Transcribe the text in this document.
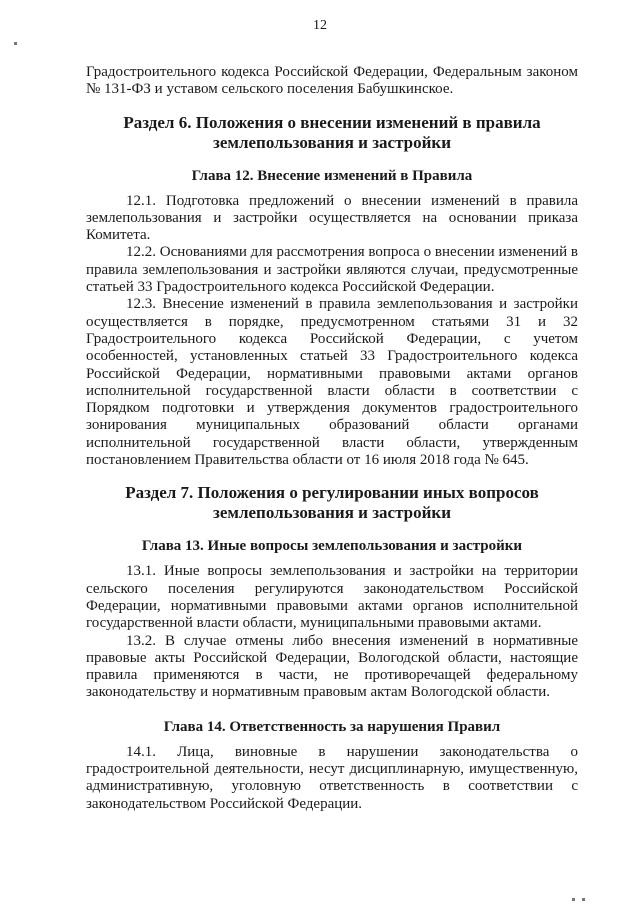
12

Градостроительного кодекса Российской Федерации, Федеральным законом № 131-ФЗ и уставом сельского поселения Бабушкинское.

Раздел 6. Положения о внесении изменений в правила
землепользования и застройки
Глава 12. Внесение изменений в Правила

12.1. Подготовка предложений о внесении изменений в правила землепользования и застройки осуществляется на основании приказа Комитета.

12.2. Основаниями для рассмотрения вопроса о внесении изменений в правила землепользования и застройки являются случаи, предусмотренные статьей 33 Градостроительного кодекса Российской Федерации.

12.3. Внесение изменений в правила землепользования и застройки осуществляется в порядке, предусмотренном статьями 31 и 32 Градостроительного кодекса Российской Федерации, с учетом особенностей, установленных статьей 33 Градостроительного кодекса Российской Федерации, нормативными правовыми актами органов исполнительной государственной власти области в соответствии с Порядком подготовки и утверждения документов градостроительного зонирования муниципальных образований области органами исполнительной государственной власти области, утвержденным постановлением Правительства области от 16 июля 2018 года № 645.

Раздел 7. Положения о регулировании иных вопросов
землепользования и застройки
Глава 13. Иные вопросы землепользования и застройки

13.1. Иные вопросы землепользования и застройки на территории сельского поселения регулируются законодательством Российской Федерации, нормативными правовыми актами органов исполнительной государственной власти области, муниципальными правовыми актами.

13.2. В случае отмены либо внесения изменений в нормативные правовые акты Российской Федерации, Вологодской области, настоящие правила применяются в части, не противоречащей федеральному законодательству и нормативным правовым актам Вологодской области.

Глава 14. Ответственность за нарушения Правил

14.1. Лица, виновные в нарушении законодательства о градостроительной деятельности, несут дисциплинарную, имущественную, административную, уголовную ответственность в соответствии с законодательством Российской Федерации.
